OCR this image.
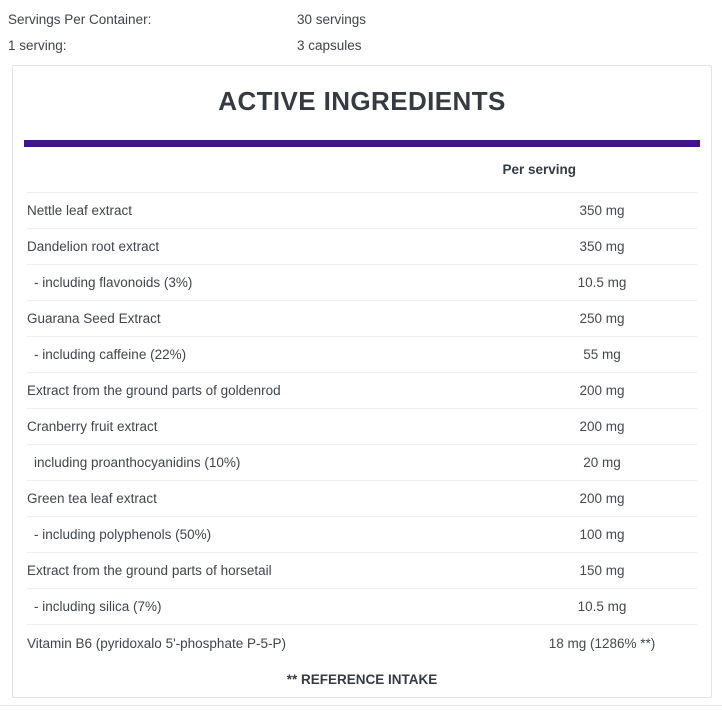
Servings Per Container:	30 servings
1 serving:	3 capsules
ACTIVE INGREDIENTS
Per serving
Nettle leaf extract	350 mg
Dandelion root extract	350 mg
- including flavonoids (3%)	10.5 mg
Guarana Seed Extract	250 mg
- including caffeine (22%)	55 mg
Extract from the ground parts of goldenrod	200 mg
Cranberry fruit extract	200 mg
including proanthocyanidins (10%)	20 mg
Green tea leaf extract	200 mg
- including polyphenols (50%)	100 mg
Extract from the ground parts of horsetail	150 mg
- including silica (7%)	10.5 mg
Vitamin B6 (pyridoxalo 5'-phosphate P-5-P)	18 mg (1286% **)
** REFERENCE INTAKE
